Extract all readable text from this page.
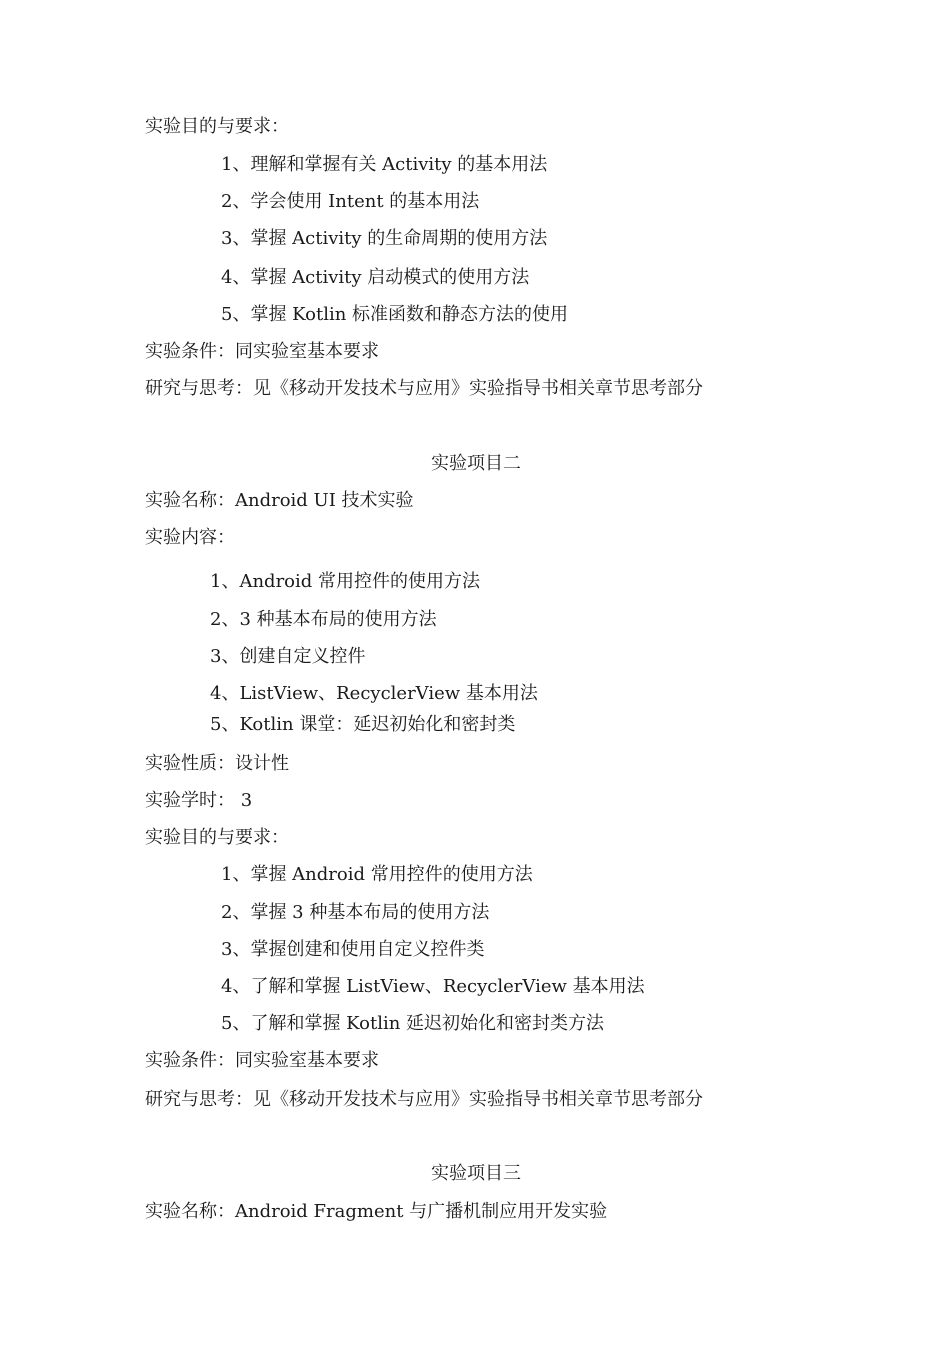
实验目的与要求：
1、理解和掌握有关 Activity 的基本用法
2、学会使用 Intent 的基本用法
3、掌握 Activity 的生命周期的使用方法
4、掌握 Activity 启动模式的使用方法
5、掌握 Kotlin 标准函数和静态方法的使用
实验条件：同实验室基本要求
研究与思考：见《移动开发技术与应用》实验指导书相关章节思考部分
实验项目二
实验名称：Android UI 技术实验
实验内容：
1、Android 常用控件的使用方法
2、3 种基本布局的使用方法
3、创建自定义控件
4、ListView、RecyclerView 基本用法
5、Kotlin 课堂：延迟初始化和密封类
实验性质：设计性
实验学时： 3
实验目的与要求：
1、掌握 Android 常用控件的使用方法
2、掌握 3 种基本布局的使用方法
3、掌握创建和使用自定义控件类
4、了解和掌握 ListView、RecyclerView 基本用法
5、了解和掌握 Kotlin 延迟初始化和密封类方法
实验条件：同实验室基本要求
研究与思考：见《移动开发技术与应用》实验指导书相关章节思考部分
实验项目三
实验名称：Android Fragment 与广播机制应用开发实验
